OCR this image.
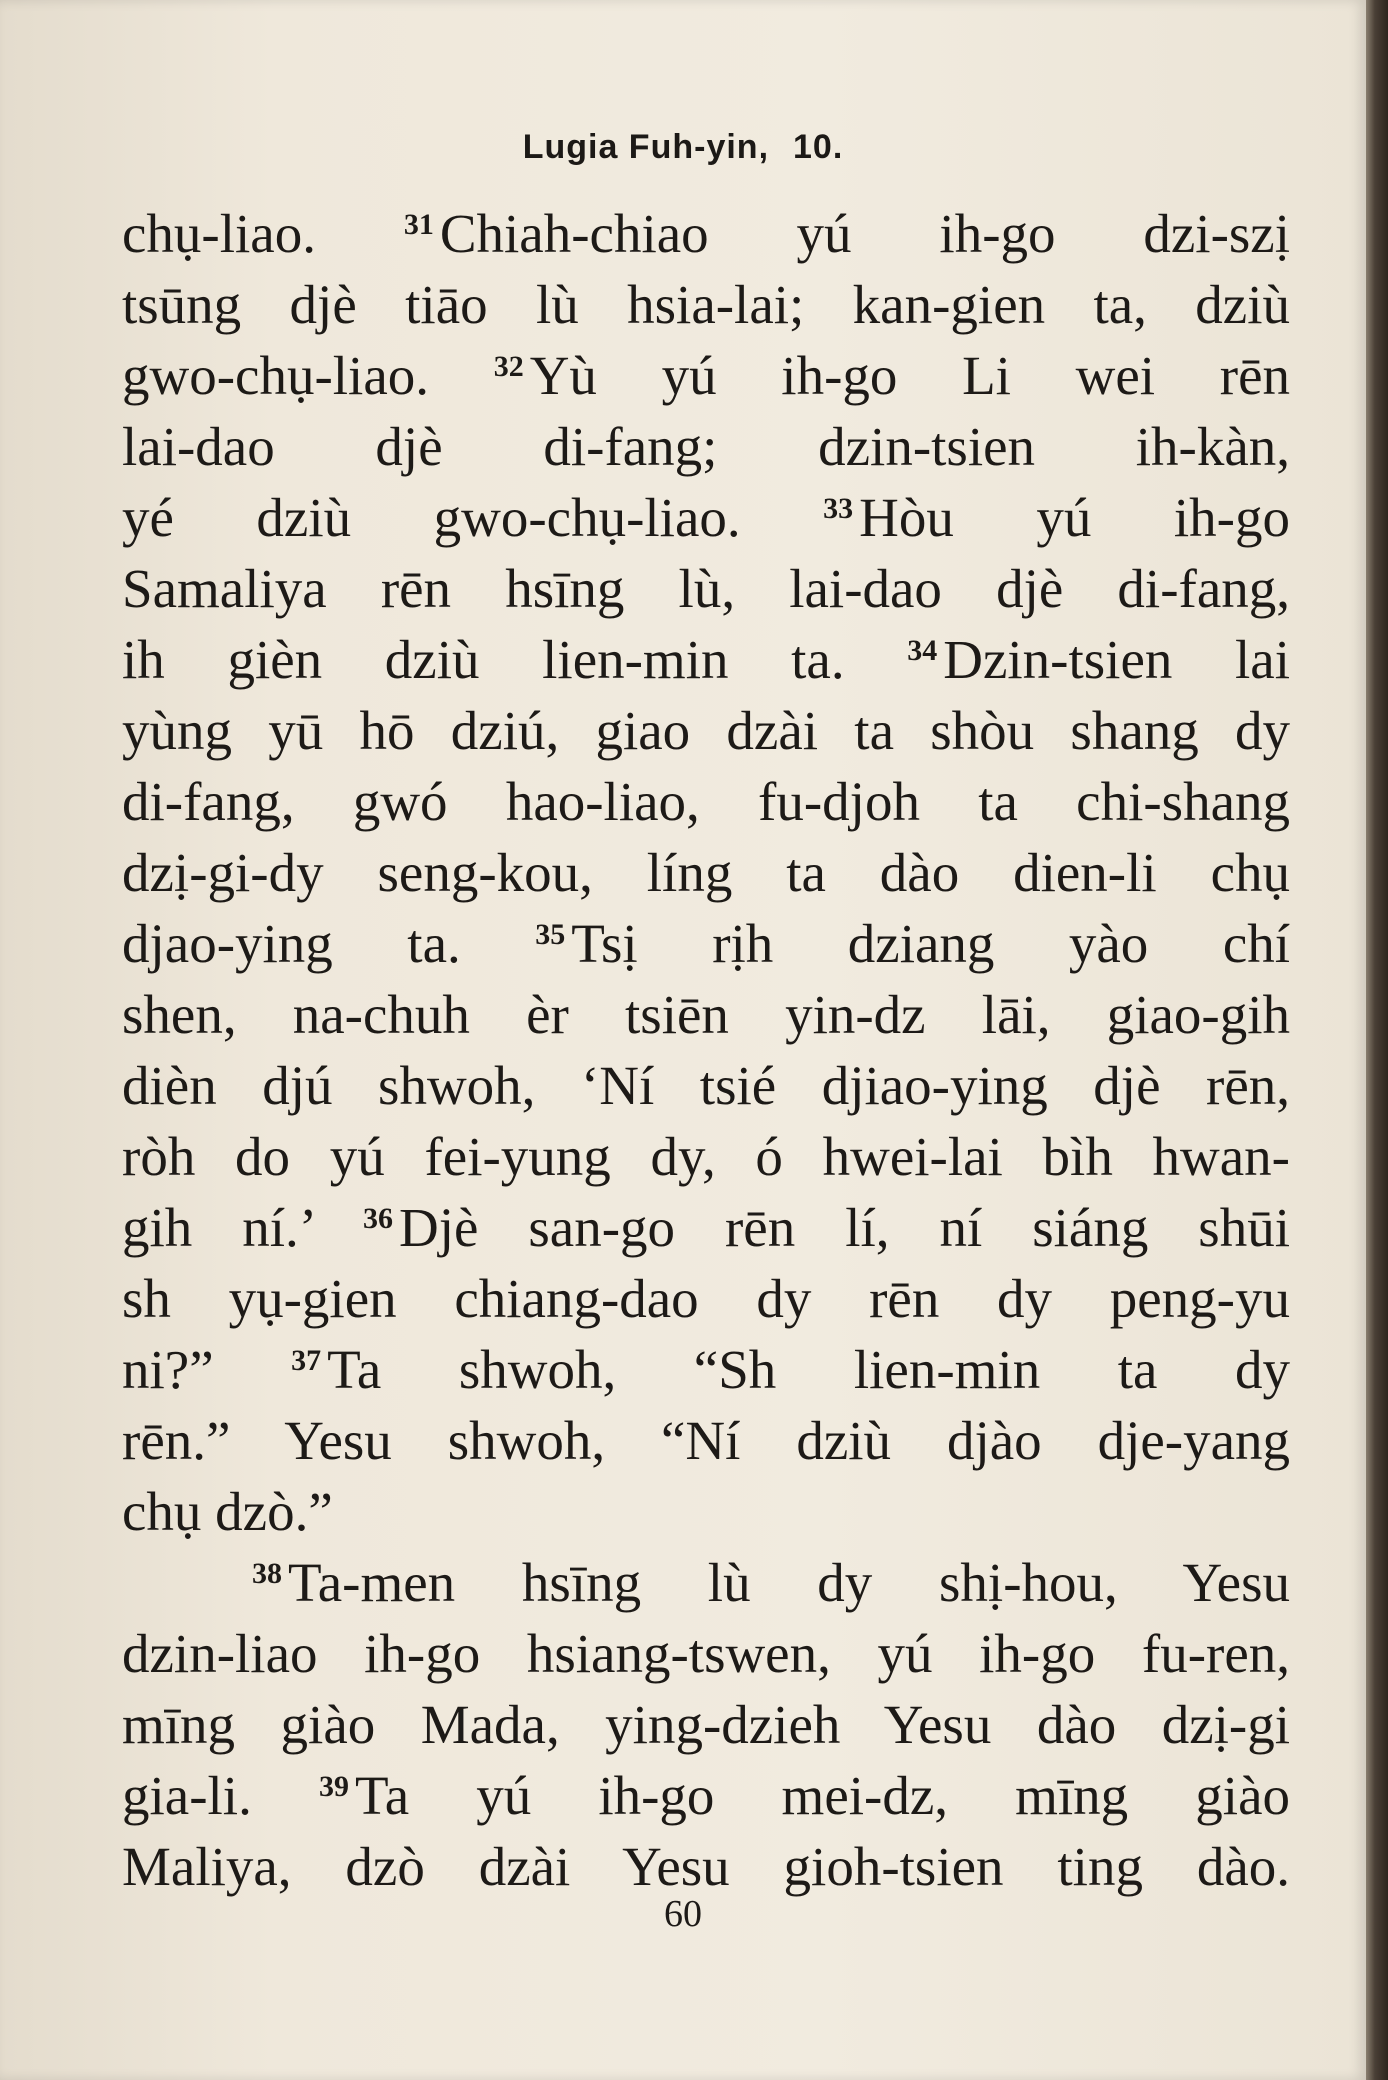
Lugia Fuh-yin, 10.
chụ-liao. $^{31}$ Chiah-chiao yú ih-go dzi-szị
tsūng djè tiāo lù hsia-lai; kan-gien ta, dziù
gwo-chụ-liao. $^{32}$ Yù yú ih-go Li wei rēn
lai-dao djè di-fang; dzin-tsien ih-kàn,
yé dziù gwo-chụ-liao. $^{33}$ Hòu yú ih-go
Samaliya rēn hsīng lù, lai-dao djè di-fang,
ih gièn dziù lien-min ta. $^{34}$ Dzin-tsien lai
yùng yū hō dziú, giao dzài ta shòu shang dy
di-fang, gwó hao-liao, fu-djoh ta chi-shang
dzị-gi-dy seng-kou, líng ta dào dien-li chụ
djao-ying ta. $^{35}$ Tsị rịh dziang yào chí
shen, na-chuh èr tsiēn yin-dz lāi, giao-gih
dièn djú shwoh, ‘Ní tsié djiao-ying djè rēn,
ròh do yú fei-yung dy, ó hwei-lai bìh hwan-
gih ní.’ $^{36}$ Djè san-go rēn lí, ní siáng shūi
sh yụ-gien chiang-dao dy rēn dy peng-yu
ni?” $^{37}$ Ta shwoh, “Sh lien-min ta dy
rēn.” Yesu shwoh, “Ní dziù djào dje-yang
chụ dzò.”
$^{38}$ Ta-men hsīng lù dy shị-hou, Yesu
dzin-liao ih-go hsiang-tswen, yú ih-go fu-ren,
mīng giào Mada, ying-dzieh Yesu dào dzị-gi
gia-li. $^{39}$ Ta yú ih-go mei-dz, mīng giào
Maliya, dzò dzài Yesu gioh-tsien ting dào.
60
